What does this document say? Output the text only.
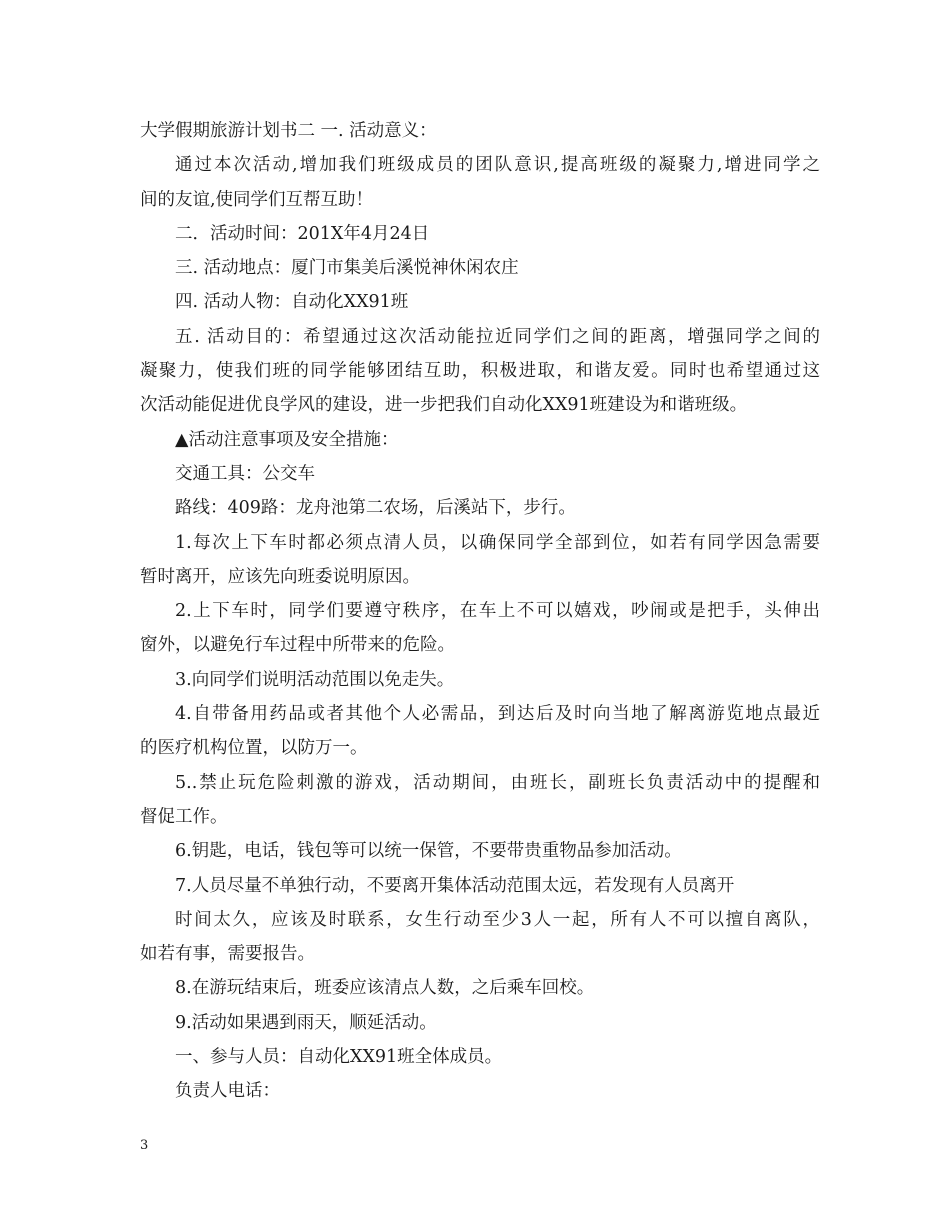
大学假期旅游计划书二 一. 活动意义：
通过本次活动,增加我们班级成员的团队意识,提高班级的凝聚力,增进同学之
间的友谊,使同学们互帮互助！
二．活动时间：201X年4月24日
三. 活动地点：厦门市集美后溪悦神休闲农庄
四. 活动人物：自动化XX91班
五. 活动目的：希望通过这次活动能拉近同学们之间的距离，增强同学之间的
凝聚力，使我们班的同学能够团结互助，积极进取，和谐友爱。同时也希望通过这
次活动能促进优良学风的建设，进一步把我们自动化XX91班建设为和谐班级。
▲活动注意事项及安全措施：
交通工具：公交车
路线：409路：龙舟池第二农场，后溪站下，步行。
1.每次上下车时都必须点清人员，以确保同学全部到位，如若有同学因急需要
暂时离开，应该先向班委说明原因。
2.上下车时，同学们要遵守秩序，在车上不可以嬉戏，吵闹或是把手，头伸出
窗外，以避免行车过程中所带来的危险。
3.向同学们说明活动范围以免走失。
4.自带备用药品或者其他个人必需品，到达后及时向当地了解离游览地点最近
的医疗机构位置，以防万一。
5..禁止玩危险刺激的游戏，活动期间，由班长，副班长负责活动中的提醒和
督促工作。
6.钥匙，电话，钱包等可以统一保管，不要带贵重物品参加活动。
7.人员尽量不单独行动，不要离开集体活动范围太远，若发现有人员离开
时间太久，应该及时联系，女生行动至少3人一起，所有人不可以擅自离队，
如若有事，需要报告。
8.在游玩结束后，班委应该清点人数，之后乘车回校。
9.活动如果遇到雨天，顺延活动。
一、参与人员：自动化XX91班全体成员。
负责人电话：
3
